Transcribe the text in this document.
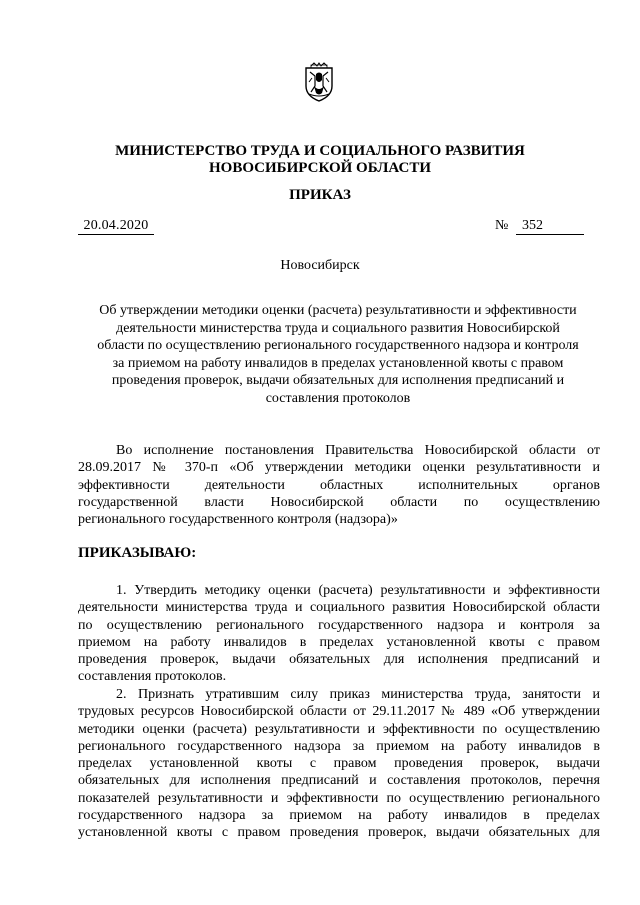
МИНИСТЕРСТВО ТРУДА И СОЦИАЛЬНОГО РАЗВИТИЯ
НОВОСИБИРСКОЙ ОБЛАСТИ
ПРИКАЗ
20.04.2020	№ 352
Новосибирск
Об утверждении методики оценки (расчета) результативности и эффективности
деятельности министерства труда и социального развития Новосибирской
области по осуществлению регионального государственного надзора и контроля
за приемом на работу инвалидов в пределах установленной квоты с правом
проведения проверок, выдачи обязательных для исполнения предписаний и
составления протоколов
Во исполнение постановления Правительства Новосибирской области от
28.09.2017 № 370-п «Об утверждении методики оценки результативности и
эффективности деятельности областных исполнительных органов
государственной власти Новосибирской области по осуществлению
регионального государственного контроля (надзора)»
ПРИКАЗЫВАЮ:
1. Утвердить методику оценки (расчета) результативности и эффективности
деятельности министерства труда и социального развития Новосибирской области
по осуществлению регионального государственного надзора и контроля за
приемом на работу инвалидов в пределах установленной квоты с правом
проведения проверок, выдачи обязательных для исполнения предписаний и
составления протоколов.
2. Признать утратившим силу приказ министерства труда, занятости и
трудовых ресурсов Новосибирской области от 29.11.2017 № 489 «Об утверждении
методики оценки (расчета) результативности и эффективности по осуществлению
регионального государственного надзора за приемом на работу инвалидов в
пределах установленной квоты с правом проведения проверок, выдачи
обязательных для исполнения предписаний и составления протоколов, перечня
показателей результативности и эффективности по осуществлению регионального
государственного надзора за приемом на работу инвалидов в пределах
установленной квоты с правом проведения проверок, выдачи обязательных для
